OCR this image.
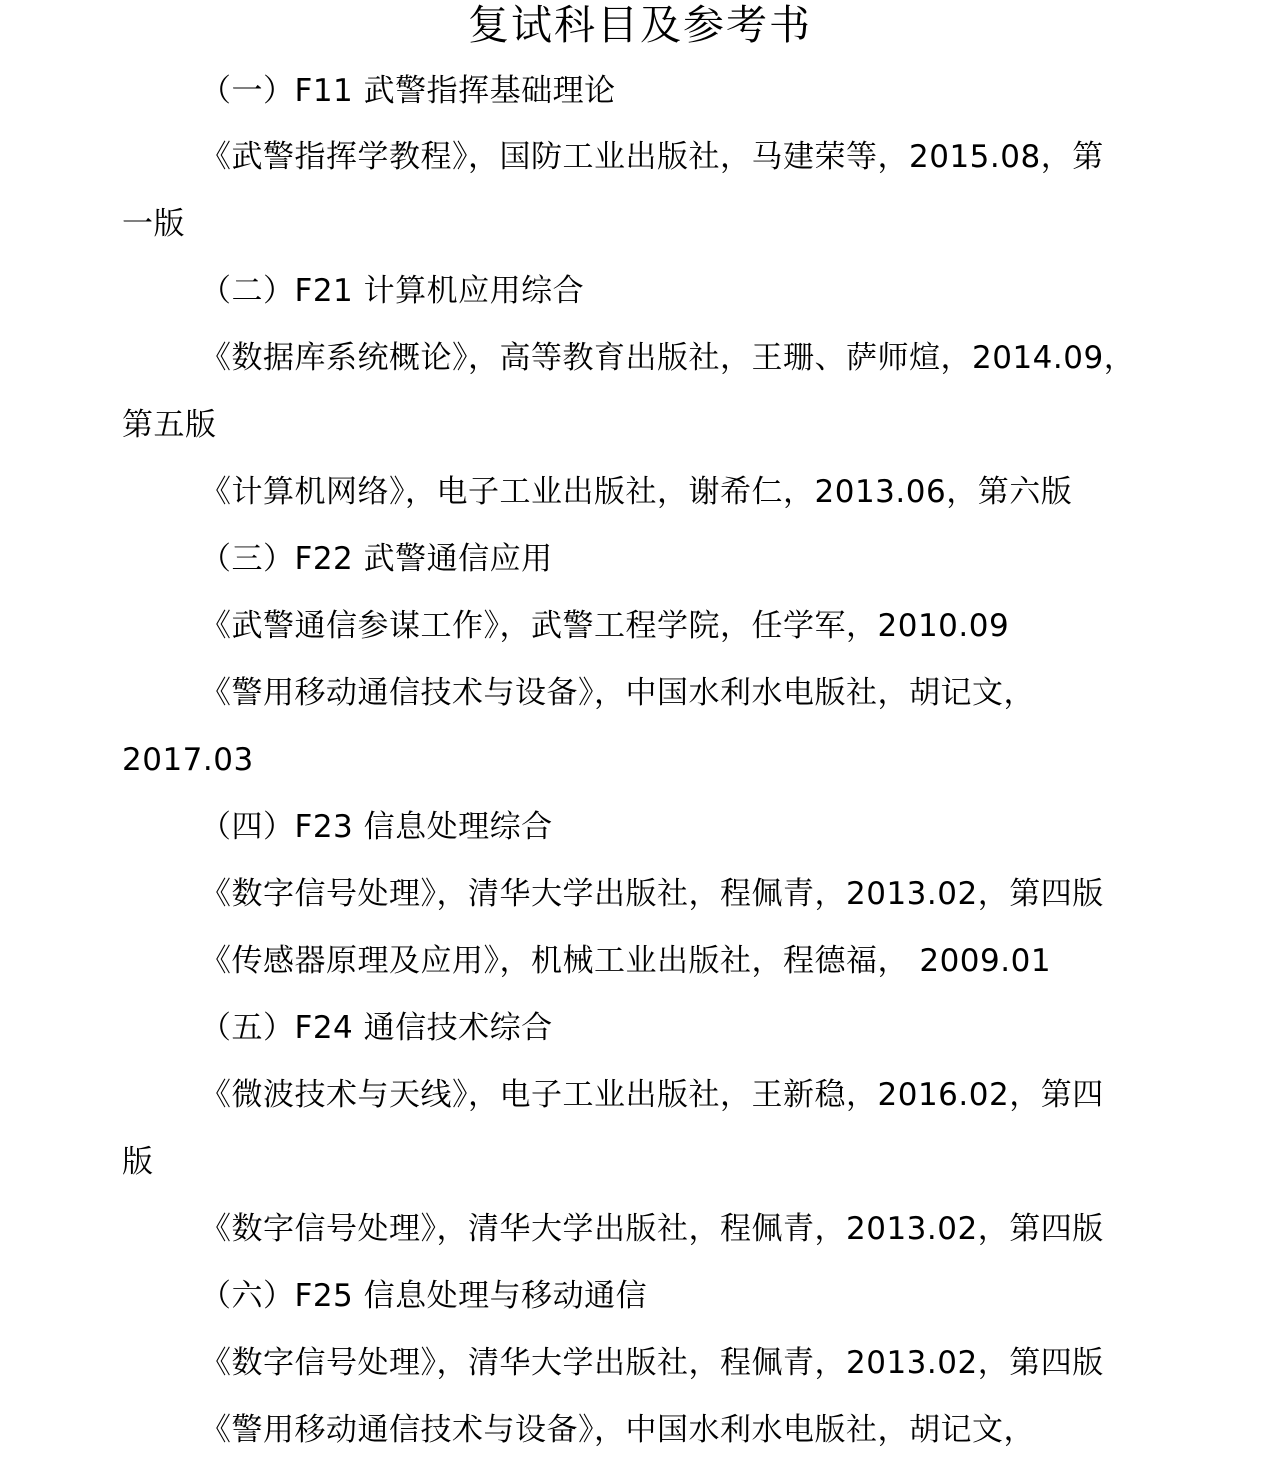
复试科目及参考书
（一）F11 武警指挥基础理论
《武警指挥学教程》，国防工业出版社，马建荣等，2015.08，第
一版
（二）F21 计算机应用综合
《数据库系统概论》，高等教育出版社，王珊、萨师煊，2014.09，
第五版
《计算机网络》，电子工业出版社，谢希仁，2013.06，第六版
（三）F22 武警通信应用
《武警通信参谋工作》，武警工程学院，任学军，2010.09
《警用移动通信技术与设备》，中国水利水电版社，胡记文，
2017.03
（四）F23 信息处理综合
《数字信号处理》，清华大学出版社，程佩青，2013.02，第四版
《传感器原理及应用》，机械工业出版社，程德福， 2009.01
（五）F24 通信技术综合
《微波技术与天线》，电子工业出版社，王新稳，2016.02，第四
版
《数字信号处理》，清华大学出版社，程佩青，2013.02，第四版
（六）F25 信息处理与移动通信
《数字信号处理》，清华大学出版社，程佩青，2013.02，第四版
《警用移动通信技术与设备》，中国水利水电版社，胡记文，
